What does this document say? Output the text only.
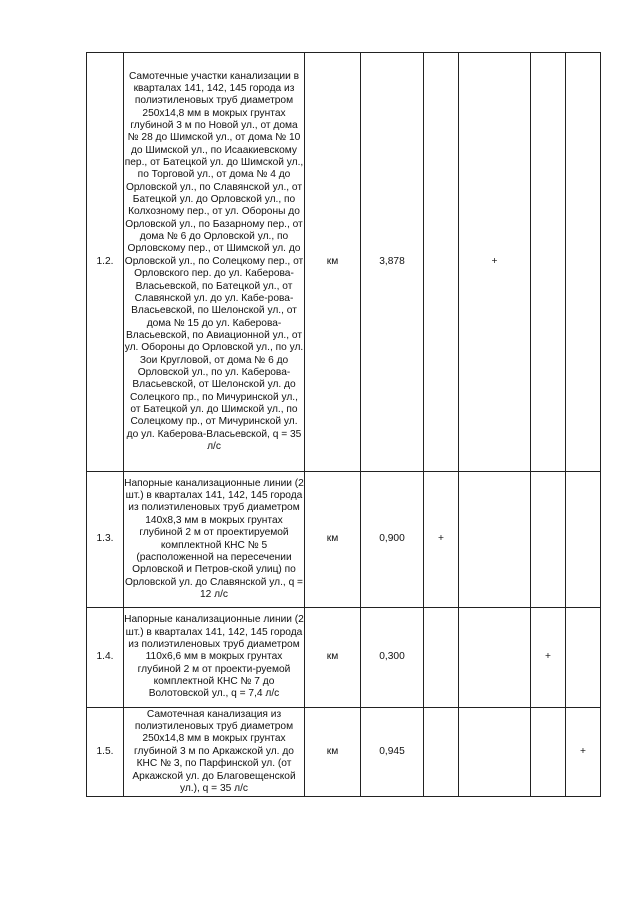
1.2.	Самотечные участки канализации в кварталах 141, 142, 145 города из полиэтиленовых труб диаметром 250х14,8 мм в мокрых грунтах глубиной 3 м по Новой ул., от дома № 28 до Шимской ул., от дома № 10 до Шимской ул., по Исаакиевскому пер., от Батецкой ул. до Шимской ул., по Торговой ул., от дома № 4 до Орловской ул., по Славянской ул., от Батецкой ул. до Орловской ул., по Колхозному пер., от ул. Обороны до Орловской ул., по Базарному пер., от дома № 6 до Орловской ул., по Орловскому пер., от Шимской ул. до Орловской ул., по Солецкому пер., от Орловского пер. до ул. Каберова-Власьевской, по Батецкой ул., от Славянской ул. до ул. Кабе-рова-Власьевской, по Шелонской ул., от дома № 15 до ул. Каберова-Власьевской, по Авиационной ул., от ул. Обороны до Орловской ул., по ул. Зои Кругловой, от дома № 6 до Орловской ул., по ул. Каберова-Власьевской, от Шелонской ул. до Солецкого пр., по Мичуринской ул., от Батецкой ул. до Шимской ул., по Солецкому пр., от Мичуринской ул. до ул. Каберова-Власьевской, q = 35 л/с	км	3,878		+		
1.3.	Напорные канализационные линии (2 шт.) в кварталах 141, 142, 145 города из полиэтиленовых труб диаметром 140х8,3 мм в мокрых грунтах глубиной 2 м от проектируемой комплектной КНС № 5 (расположенной на пересечении Орловской и Петров-ской улиц) по Орловской ул. до Славянской ул., q = 12 л/с	км	0,900	+			
1.4.	Напорные канализационные линии (2 шт.) в кварталах 141, 142, 145 города из полиэтиленовых труб диаметром 110х6,6 мм в мокрых грунтах глубиной 2 м от проекти-руемой комплектной КНС № 7 до Волотовской ул., q = 7,4 л/с	км	0,300			+	
1.5.	Самотечная канализация из полиэтиленовых труб диаметром 250х14,8 мм в мокрых грунтах глубиной 3 м по Аркажской ул. до КНС № 3, по Парфинской ул. (от Аркажской ул. до Благовещенской ул.), q = 35 л/с	км	0,945				+
